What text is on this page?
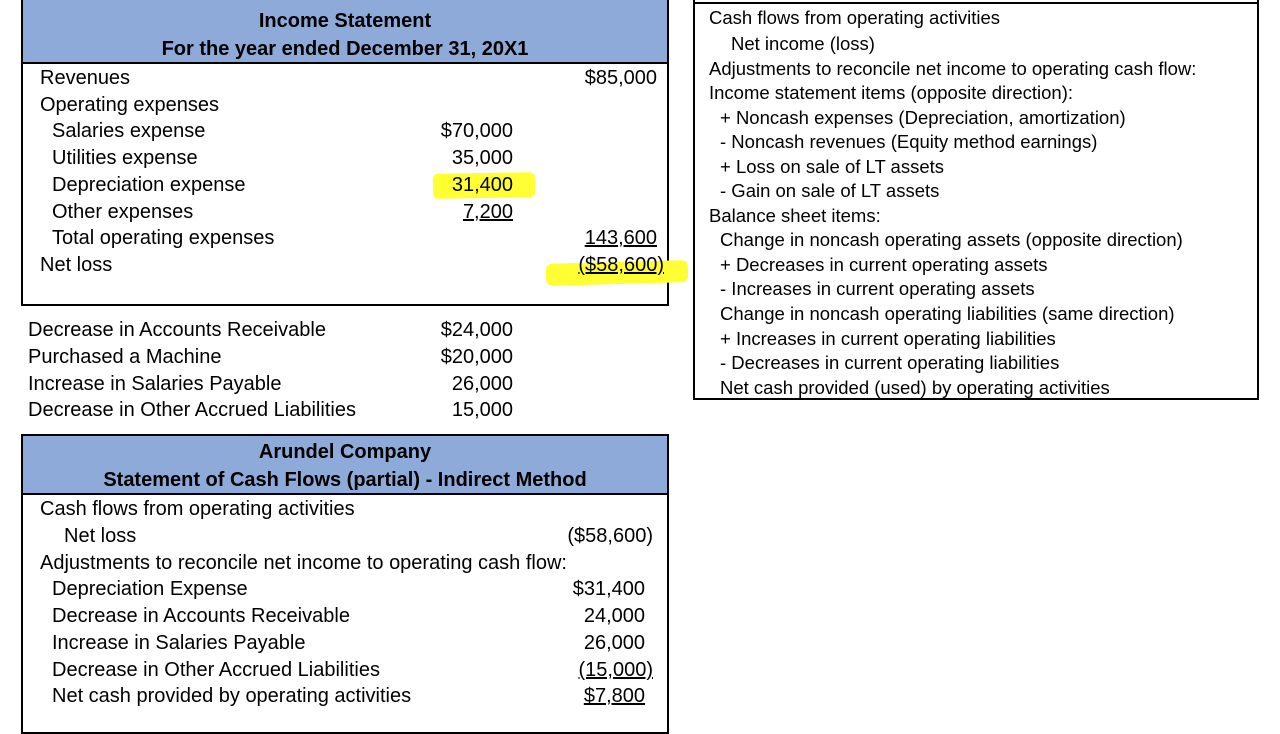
Income Statement
For the year ended December 31, 20X1
Revenues	$85,000
Operating expenses
Salaries expense	$70,000
Utilities expense	35,000
Depreciation expense	31,400
Other expenses	7,200
Total operating expenses	143,600
Net loss	($58,600)
Decrease in Accounts Receivable	$24,000
Purchased a Machine	$20,000
Increase in Salaries Payable	26,000
Decrease in Other Accrued Liabilities	15,000
Arundel Company
Statement of Cash Flows (partial) - Indirect Method
Cash flows from operating activities
Net loss	($58,600)
Adjustments to reconcile net income to operating cash flow:
Depreciation Expense	$31,400
Decrease in Accounts Receivable	24,000
Increase in Salaries Payable	26,000
Decrease in Other Accrued Liabilities	(15,000)
Net cash provided by operating activities	$7,800
Cash flows from operating activities
Net income (loss)
Adjustments to reconcile net income to operating cash flow:
Income statement items (opposite direction):
+ Noncash expenses (Depreciation, amortization)
- Noncash revenues (Equity method earnings)
+ Loss on sale of LT assets
- Gain on sale of LT assets
Balance sheet items:
Change in noncash operating assets (opposite direction)
+ Decreases in current operating assets
- Increases in current operating assets
Change in noncash operating liabilities (same direction)
+ Increases in current operating liabilities
- Decreases in current operating liabilities
Net cash provided (used) by operating activities
